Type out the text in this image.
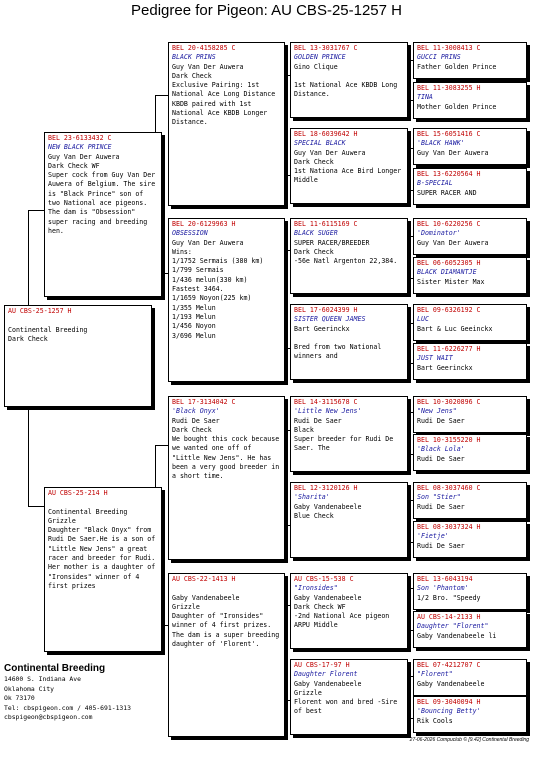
Pedigree for Pigeon: AU CBS-25-1257 H
AU CBS-25-1257 H

Continental Breeding
Dark Check
BEL 23-6133432 C
NEW BLACK PRINCE
Guy Van Der Auwera
Dark Check WF
Super cock from Guy Van Der Auwera of Belgium. The sire is "Black Prince" son of two National ace pigeons. The dam is "Obsession" super racing and breeding hen.
AU CBS-25-214 H

Continental Breeding
Grizzle
Daughter "Black Onyx" from Rudi De Saer.He is a son of "Little New Jens" a great racer and breeder for Rudi. Her mother is a daughter of "Ironsides" winner of 4 first prizes
BEL 20-4158285 C
BLACK PRINS
Guy Van Der Auwera
Dark Check
Exclusive Pairing: 1st National Ace Long Distance KBDB paired with 1st National Ace KBDB Longer Distance.
BEL 20-6129963 H
OBSESSION
Guy Van Der Auwera
Wins:
1/1752 Sermais (380 km)
1/799 Sermais
1/436 melun(330 km)
Fastest 3464.
1/1659 Noyon(225 km)
1/355 Melun
1/193 Melun
1/456 Noyon
3/696 Melun
BEL 17-3134042 C
'Black Onyx'
Rudi De Saer
Dark Check
We bought this cock because we wanted one off of "Little New Jens". He has been a very good breeder in a short time.
AU CBS-22-1413 H

Gaby Vandenabeele
Grizzle
Daughter of "Ironsides" winner of 4 first prizes. The dam is a super breeding daughter of 'Florent'.
BEL 13-3031767 C
GOLDEN PRINCE
Gino Clique

1st National Ace KBDB Long Distance.
BEL 18-6039642 H
SPECIAL BLACK
Guy Van Der Auwera
Dark Check
1st Nationa Ace Bird Longer Middle
BEL 11-6115169 C
BLACK SUGER
SUPER RACER/BREEDER
Dark Check
-56e Natl Argenton 22,384.
BEL 17-6024399 H
SISTER QUEEN JAMES
Bart Geerinckx

Bred from two National winners and
BEL 14-3115678 C
'Little New Jens'
Rudi De Saer
Black
Super breeder for Rudi De Saer. The
BEL 12-3120126 H
'Sharita'
Gaby Vandenabeele
Blue Check
AU CBS-15-538 C
"Ironsides"
Gaby Vandenabeele
Dark Check WF
-2nd National Ace pigeon ARPU Middle
AU CBS-17-97 H
Daughter Florent
Gaby Vandenabeele
Grizzle
Florent won and bred -Sire of best
BEL 11-3008413 C
GUCCI PRINS
Father Golden Prince
BEL 11-3083255 H
TINA
Mother Golden Prince
BEL 15-6051416 C
'BLACK HAWK'
Guy Van Der Auwera
BEL 13-6220564 H
B-SPECIAL
SUPER RACER AND
BEL 10-6220256 C
'Dominator'
Guy Van Der Auwera
BEL 06-6052305 H
BLACK DIAMANTJE
Sister Mister Max
BEL 09-6326192 C
LUC
Bart & Luc Geeinckx
BEL 11-6226277 H
JUST WAIT
Bart Geerinckx
BEL 10-3020896 C
"New Jens"
Rudi De Saer
BEL 10-3155220 H
'Black Lola'
Rudi De Saer
BEL 08-3037460 C
Son "Stier"
Rudi De Saer
BEL 08-3037324 H
'Fietje'
Rudi De Saer
BEL 13-6043194
Son 'Phantom'
1/2 Bro. "Speedy
AU CBS-14-2133 H
Daughter "Florent"
Gaby Vandenabeele li
BEL 07-4212707 C
"Florent"
Gaby Vandenabeele
BEL 09-3040094 H
'Bouncing Betty'
Rik Cools
Continental Breeding
14600 S. Indiana Ave
Oklahoma City
Ok 73170
Tel: cbspigeon.com / 405-691-1313
cbspigeon@cbspigeon.com
27-06-2026 Compuclub © [9.42] Continental Breeding
